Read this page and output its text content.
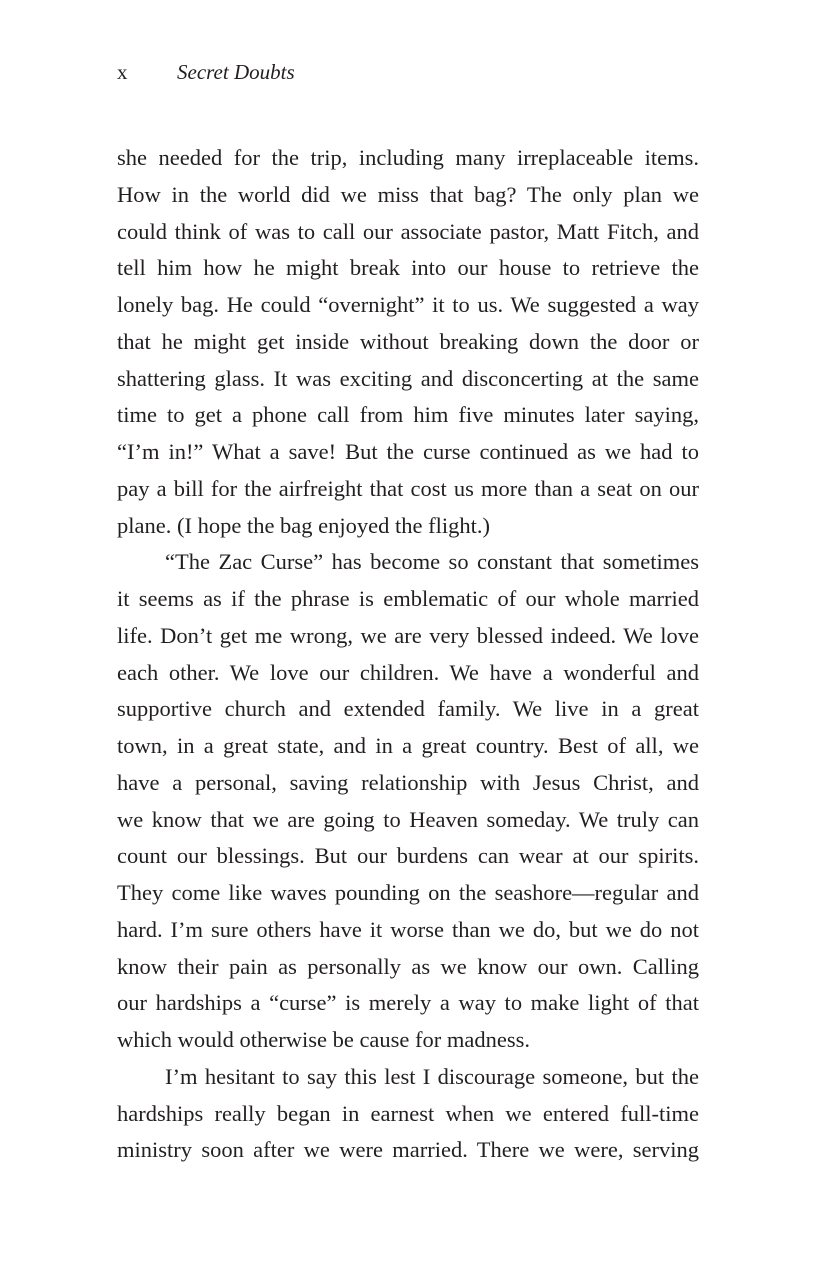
x	Secret Doubts
she needed for the trip, including many irreplaceable items.
How in the world did we miss that bag? The only plan we
could think of was to call our associate pastor, Matt Fitch, and
tell him how he might break into our house to retrieve the
lonely bag. He could “overnight” it to us. We suggested a way
that he might get inside without breaking down the door or
shattering glass. It was exciting and disconcerting at the same
time to get a phone call from him five minutes later saying,
“I’m in!” What a save! But the curse continued as we had to
pay a bill for the airfreight that cost us more than a seat on our
plane. (I hope the bag enjoyed the flight.)
“The Zac Curse” has become so constant that sometimes
it seems as if the phrase is emblematic of our whole married
life. Don’t get me wrong, we are very blessed indeed. We love
each other. We love our children. We have a wonderful and
supportive church and extended family. We live in a great
town, in a great state, and in a great country. Best of all, we
have a personal, saving relationship with Jesus Christ, and
we know that we are going to Heaven someday. We truly can
count our blessings. But our burdens can wear at our spirits.
They come like waves pounding on the seashore—regular and
hard. I’m sure others have it worse than we do, but we do not
know their pain as personally as we know our own. Calling
our hardships a “curse” is merely a way to make light of that
which would otherwise be cause for madness.
I’m hesitant to say this lest I discourage someone, but the
hardships really began in earnest when we entered full-time
ministry soon after we were married. There we were, serving
